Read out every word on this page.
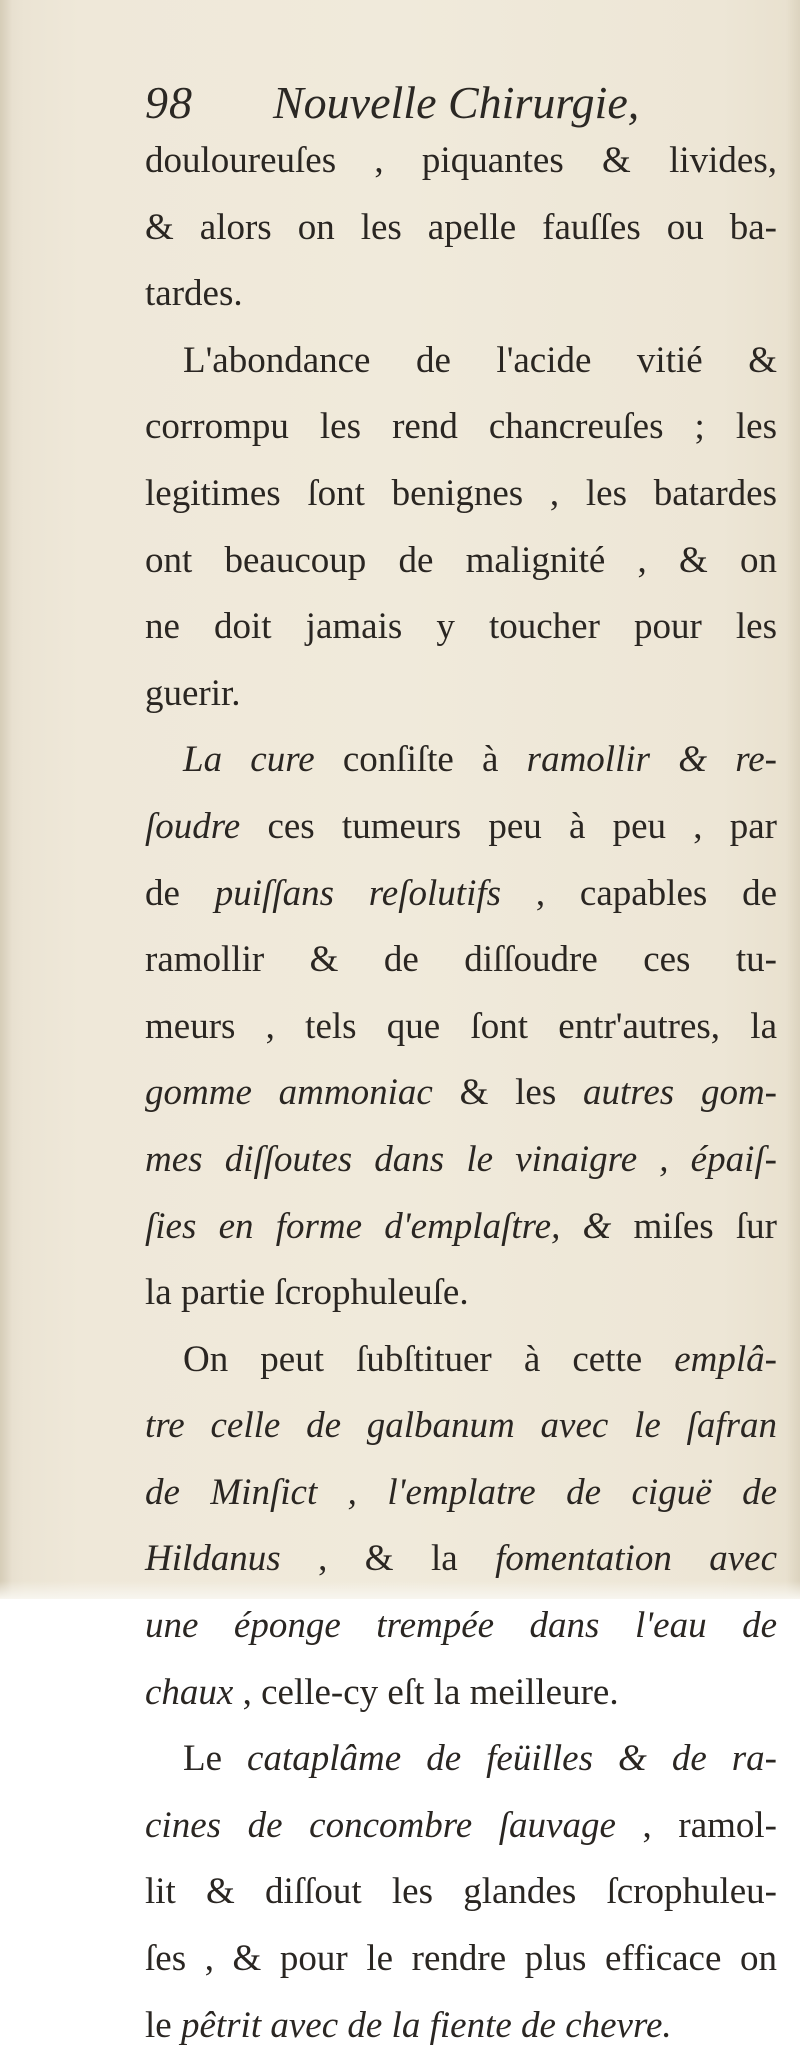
98 Nouvelle Chirurgie,
douloureuſes , piquantes & livides,
& alors on les apelle fauſſes ou ba-
tardes.
L'abondance de l'acide vitié &
corrompu les rend chancreuſes ; les
legitimes ſont benignes , les batardes
ont beaucoup de malignité , & on
ne doit jamais y toucher pour les
guerir.
La cure conſiſte à ramollir & re-
ſoudre ces tumeurs peu à peu , par
de puiſſans reſolutifs , capables de
ramollir & de diſſoudre ces tu-
meurs , tels que ſont entr'autres, la
gomme ammoniac & les autres gom-
mes diſſoutes dans le vinaigre , épaiſ-
ſies en forme d'emplaſtre, & miſes ſur
la partie ſcrophuleuſe.
On peut ſubſtituer à cette emplâ-
tre celle de galbanum avec le ſafran
de Minſict , l'emplatre de ciguë de
Hildanus , & la fomentation avec
une éponge trempée dans l'eau de
chaux , celle-cy eſt la meilleure.
Le cataplâme de feüilles & de ra-
cines de concombre ſauvage , ramol-
lit & diſſout les glandes ſcrophuleu-
ſes , & pour le rendre plus efficace on
le pêtrit avec de la fiente de chevre.
